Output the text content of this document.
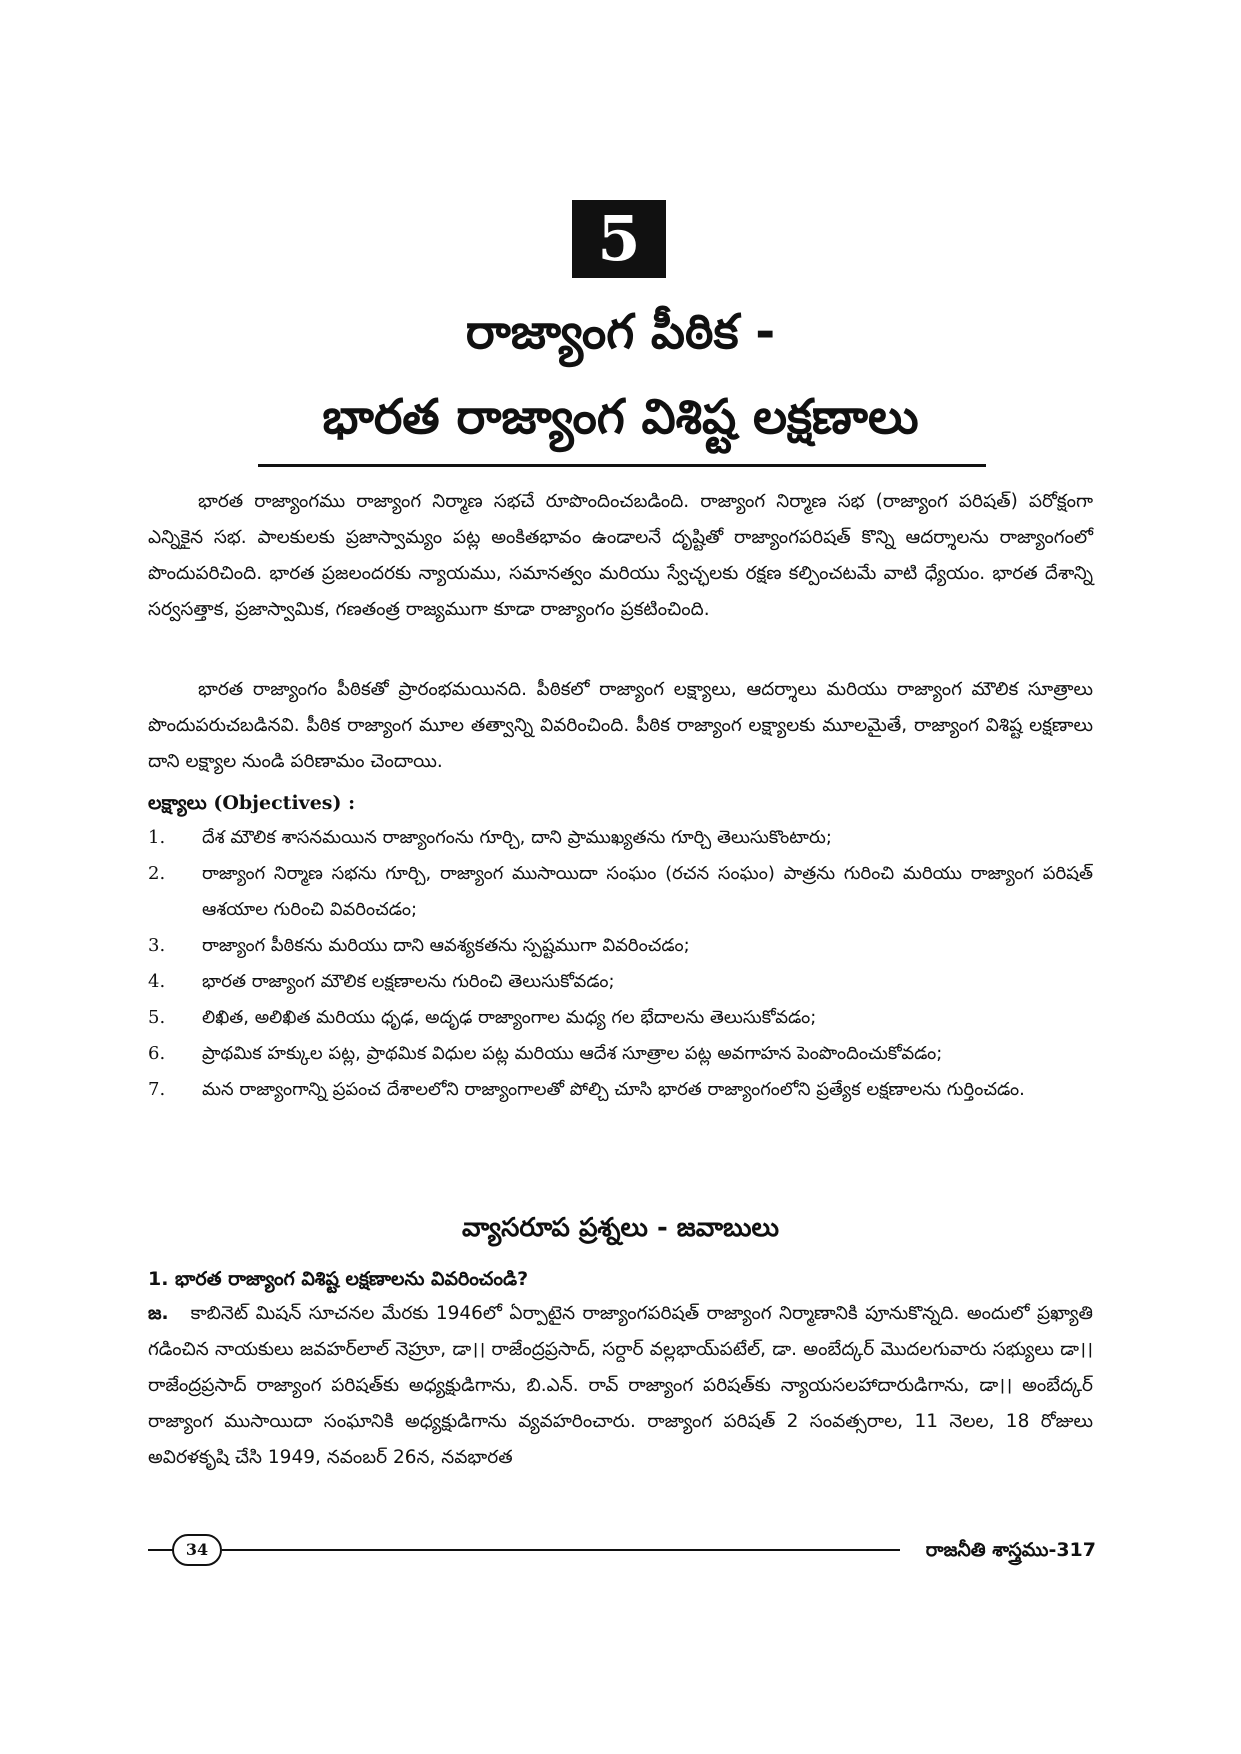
5
రాజ్యాంగ పీఠిక -
భారత రాజ్యాంగ విశిష్ట లక్షణాలు

భారత రాజ్యాంగము రాజ్యాంగ నిర్మాణ సభచే రూపొందించబడింది. రాజ్యాంగ నిర్మాణ సభ (రాజ్యాంగ పరిషత్) పరోక్షంగా ఎన్నికైన సభ. పాలకులకు ప్రజాస్వామ్యం పట్ల అంకితభావం ఉండాలనే దృష్టితో రాజ్యాంగపరిషత్ కొన్ని ఆదర్శాలను రాజ్యాంగంలో పొందుపరిచింది. భారత ప్రజలందరకు న్యాయము, సమానత్వం మరియు స్వేచ్ఛలకు రక్షణ కల్పించటమే వాటి ధ్యేయం. భారత దేశాన్ని సర్వసత్తాక, ప్రజాస్వామిక, గణతంత్ర రాజ్యముగా కూడా రాజ్యాంగం ప్రకటించింది.

భారత రాజ్యాంగం పీఠికతో ప్రారంభమయినది. పీఠికలో రాజ్యాంగ లక్ష్యాలు, ఆదర్శాలు మరియు రాజ్యాంగ మౌలిక సూత్రాలు పొందుపరుచబడినవి. పీఠిక రాజ్యాంగ మూల తత్వాన్ని వివరించింది. పీఠిక రాజ్యాంగ లక్ష్యాలకు మూలమైతే, రాజ్యాంగ విశిష్ట లక్షణాలు దాని లక్ష్యాల నుండి పరిణామం చెందాయి.

లక్ష్యాలు (Objectives) :
1. దేశ మౌలిక శాసనమయిన రాజ్యాంగంను గూర్చి, దాని ప్రాముఖ్యతను గూర్చి తెలుసుకొంటారు;
2. రాజ్యాంగ నిర్మాణ సభను గూర్చి, రాజ్యాంగ ముసాయిదా సంఘం (రచన సంఘం) పాత్రను గురించి మరియు రాజ్యాంగ పరిషత్ ఆశయాల గురించి వివరించడం;
3. రాజ్యాంగ పీఠికను మరియు దాని ఆవశ్యకతను స్పష్టముగా వివరించడం;
4. భారత రాజ్యాంగ మౌలిక లక్షణాలను గురించి తెలుసుకోవడం;
5. లిఖిత, అలిఖిత మరియు ధృఢ, అదృఢ రాజ్యాంగాల మధ్య గల భేదాలను తెలుసుకోవడం;
6. ప్రాథమిక హక్కుల పట్ల, ప్రాథమిక విధుల పట్ల మరియు ఆదేశ సూత్రాల పట్ల అవగాహన పెంపొందించుకోవడం;
7. మన రాజ్యాంగాన్ని ప్రపంచ దేశాలలోని రాజ్యాంగాలతో పోల్చి చూసి భారత రాజ్యాంగంలోని ప్రత్యేక లక్షణాలను గుర్తించడం.
వ్యాసరూప ప్రశ్నలు - జవాబులు
1. భారత రాజ్యాంగ విశిష్ట లక్షణాలను వివరించండి?

జ. కాబినెట్ మిషన్ సూచనల మేరకు 1946లో ఏర్పాటైన రాజ్యాంగపరిషత్ రాజ్యాంగ నిర్మాణానికి పూనుకొన్నది. అందులో ప్రఖ్యాతి గడించిన నాయకులు జవహర్‌లాల్ నెహ్రూ, డా।। రాజేంద్రప్రసాద్, సర్దార్ వల్లభాయ్‌పటేల్, డా. అంబేద్కర్ మొదలగువారు సభ్యులు డా।। రాజేంద్రప్రసాద్ రాజ్యాంగ పరిషత్‌కు అధ్యక్షుడిగాను, బి.ఎన్. రావ్ రాజ్యాంగ పరిషత్‌కు న్యాయసలహాదారుడిగాను, డా।। అంబేద్కర్ రాజ్యాంగ ముసాయిదా సంఘానికి అధ్యక్షుడిగాను వ్యవహరించారు. రాజ్యాంగ పరిషత్ 2 సంవత్సరాల, 11 నెలల, 18 రోజులు అవిరళకృషి చేసి 1949, నవంబర్ 26న, నవభారత

34	రాజనీతి శాస్త్రము-317
